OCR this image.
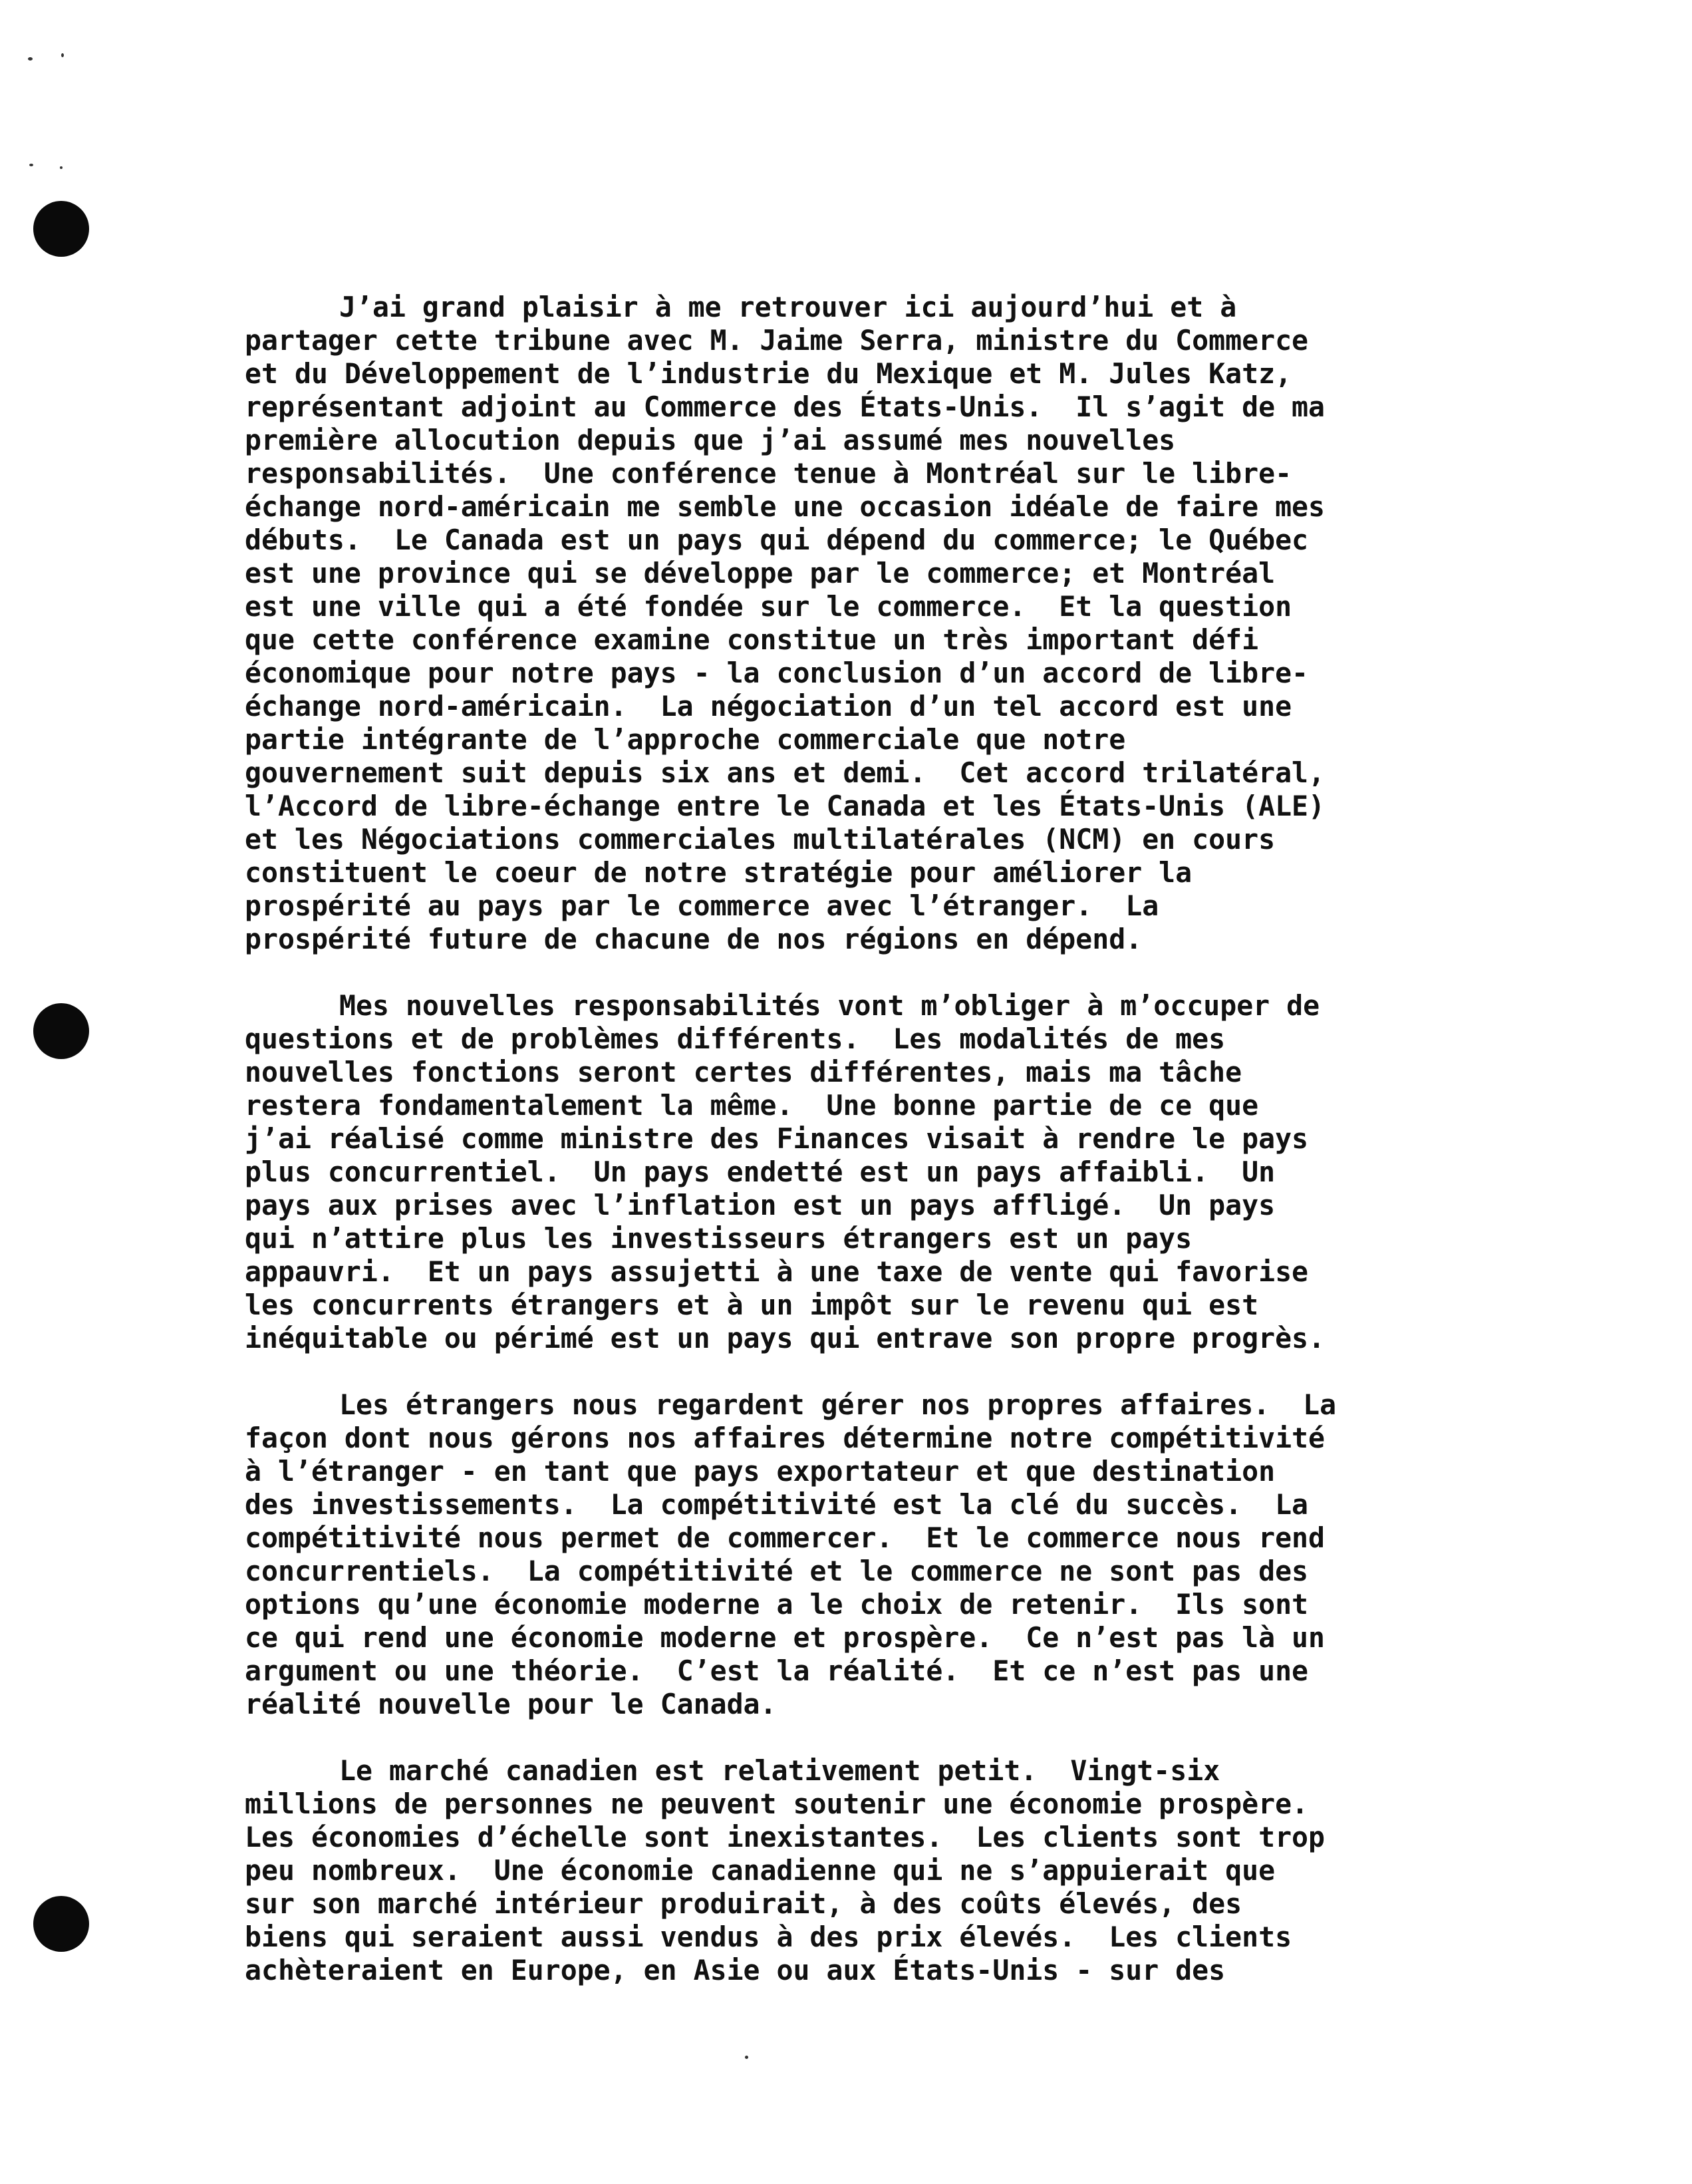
J’ai grand plaisir à me retrouver ici aujourd’hui et à
partager cette tribune avec M. Jaime Serra, ministre du Commerce
et du Développement de l’industrie du Mexique et M. Jules Katz,
représentant adjoint au Commerce des États-Unis.  Il s’agit de ma
première allocution depuis que j’ai assumé mes nouvelles
responsabilités.  Une conférence tenue à Montréal sur le libre-
échange nord-américain me semble une occasion idéale de faire mes
débuts.  Le Canada est un pays qui dépend du commerce; le Québec
est une province qui se développe par le commerce; et Montréal
est une ville qui a été fondée sur le commerce.  Et la question
que cette conférence examine constitue un très important défi
économique pour notre pays - la conclusion d’un accord de libre-
échange nord-américain.  La négociation d’un tel accord est une
partie intégrante de l’approche commerciale que notre
gouvernement suit depuis six ans et demi.  Cet accord trilatéral,
l’Accord de libre-échange entre le Canada et les États-Unis (ALE)
et les Négociations commerciales multilatérales (NCM) en cours
constituent le coeur de notre stratégie pour améliorer la
prospérité au pays par le commerce avec l’étranger.  La
prospérité future de chacune de nos régions en dépend.
Mes nouvelles responsabilités vont m’obliger à m’occuper de
questions et de problèmes différents.  Les modalités de mes
nouvelles fonctions seront certes différentes, mais ma tâche
restera fondamentalement la même.  Une bonne partie de ce que
j’ai réalisé comme ministre des Finances visait à rendre le pays
plus concurrentiel.  Un pays endetté est un pays affaibli.  Un
pays aux prises avec l’inflation est un pays affligé.  Un pays
qui n’attire plus les investisseurs étrangers est un pays
appauvri.  Et un pays assujetti à une taxe de vente qui favorise
les concurrents étrangers et à un impôt sur le revenu qui est
inéquitable ou périmé est un pays qui entrave son propre progrès.
Les étrangers nous regardent gérer nos propres affaires.  La
façon dont nous gérons nos affaires détermine notre compétitivité
à l’étranger - en tant que pays exportateur et que destination
des investissements.  La compétitivité est la clé du succès.  La
compétitivité nous permet de commercer.  Et le commerce nous rend
concurrentiels.  La compétitivité et le commerce ne sont pas des
options qu’une économie moderne a le choix de retenir.  Ils sont
ce qui rend une économie moderne et prospère.  Ce n’est pas là un
argument ou une théorie.  C’est la réalité.  Et ce n’est pas une
réalité nouvelle pour le Canada.
Le marché canadien est relativement petit.  Vingt-six
millions de personnes ne peuvent soutenir une économie prospère.
Les économies d’échelle sont inexistantes.  Les clients sont trop
peu nombreux.  Une économie canadienne qui ne s’appuierait que
sur son marché intérieur produirait, à des coûts élevés, des
biens qui seraient aussi vendus à des prix élevés.  Les clients
achèteraient en Europe, en Asie ou aux États-Unis - sur des
